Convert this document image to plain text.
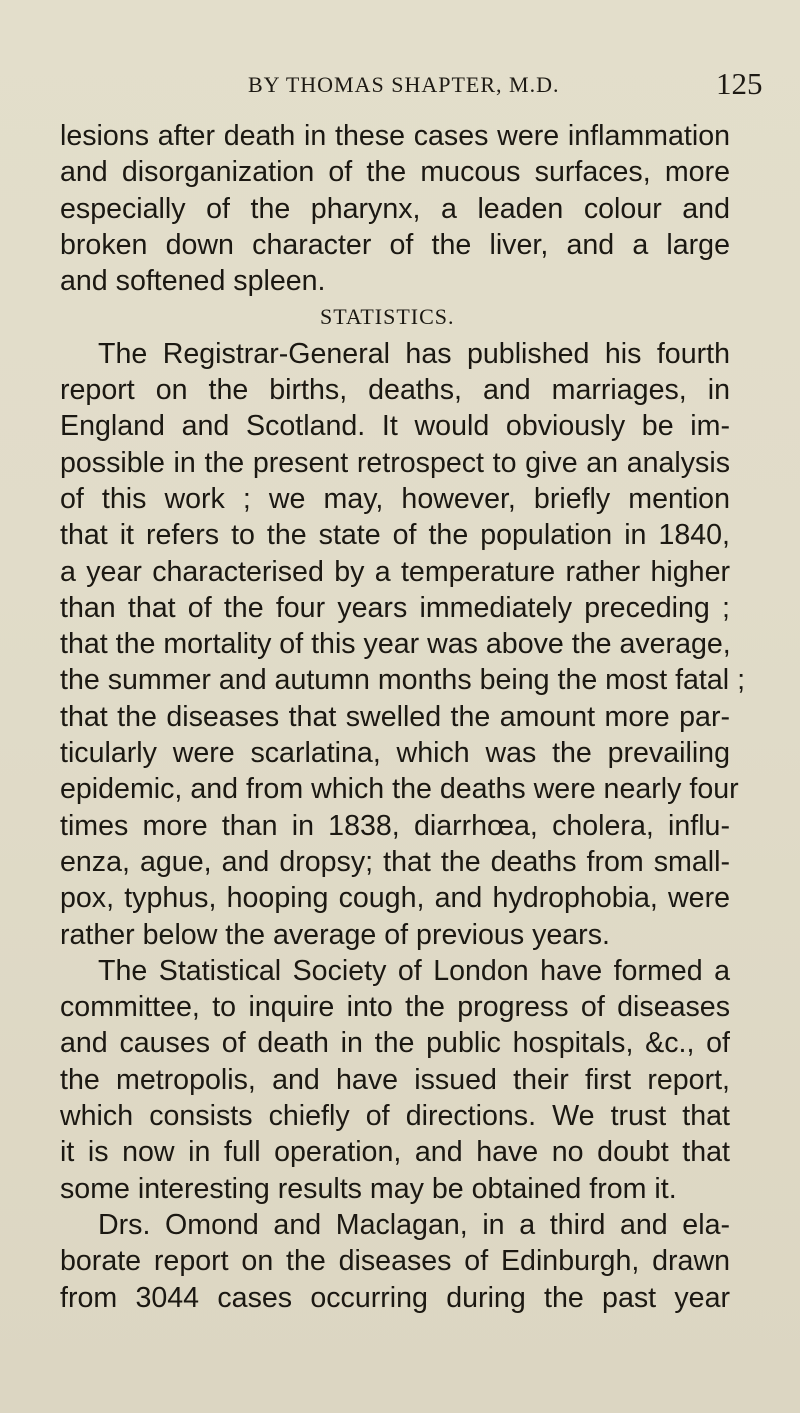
BY THOMAS SHAPTER, M.D.	125
lesions after death in these cases were inflammation
and disorganization of the mucous surfaces, more
especially of the pharynx, a leaden colour and
broken down character of the liver, and a large
and softened spleen.
STATISTICS.
The Registrar-General has published his fourth
report on the births, deaths, and marriages, in
England and Scotland. It would obviously be im-
possible in the present retrospect to give an analysis
of this work ; we may, however, briefly mention
that it refers to the state of the population in 1840,
a year characterised by a temperature rather higher
than that of the four years immediately preceding ;
that the mortality of this year was above the average,
the summer and autumn months being the most fatal ;
that the diseases that swelled the amount more par-
ticularly were scarlatina, which was the prevailing
epidemic, and from which the deaths were nearly four
times more than in 1838, diarrhœa, cholera, influ-
enza, ague, and dropsy; that the deaths from small-
pox, typhus, hooping cough, and hydrophobia, were
rather below the average of previous years.
The Statistical Society of London have formed a
committee, to inquire into the progress of diseases
and causes of death in the public hospitals, &c., of
the metropolis, and have issued their first report,
which consists chiefly of directions. We trust that
it is now in full operation, and have no doubt that
some interesting results may be obtained from it.
Drs. Omond and Maclagan, in a third and ela-
borate report on the diseases of Edinburgh, drawn
from 3044 cases occurring during the past year
